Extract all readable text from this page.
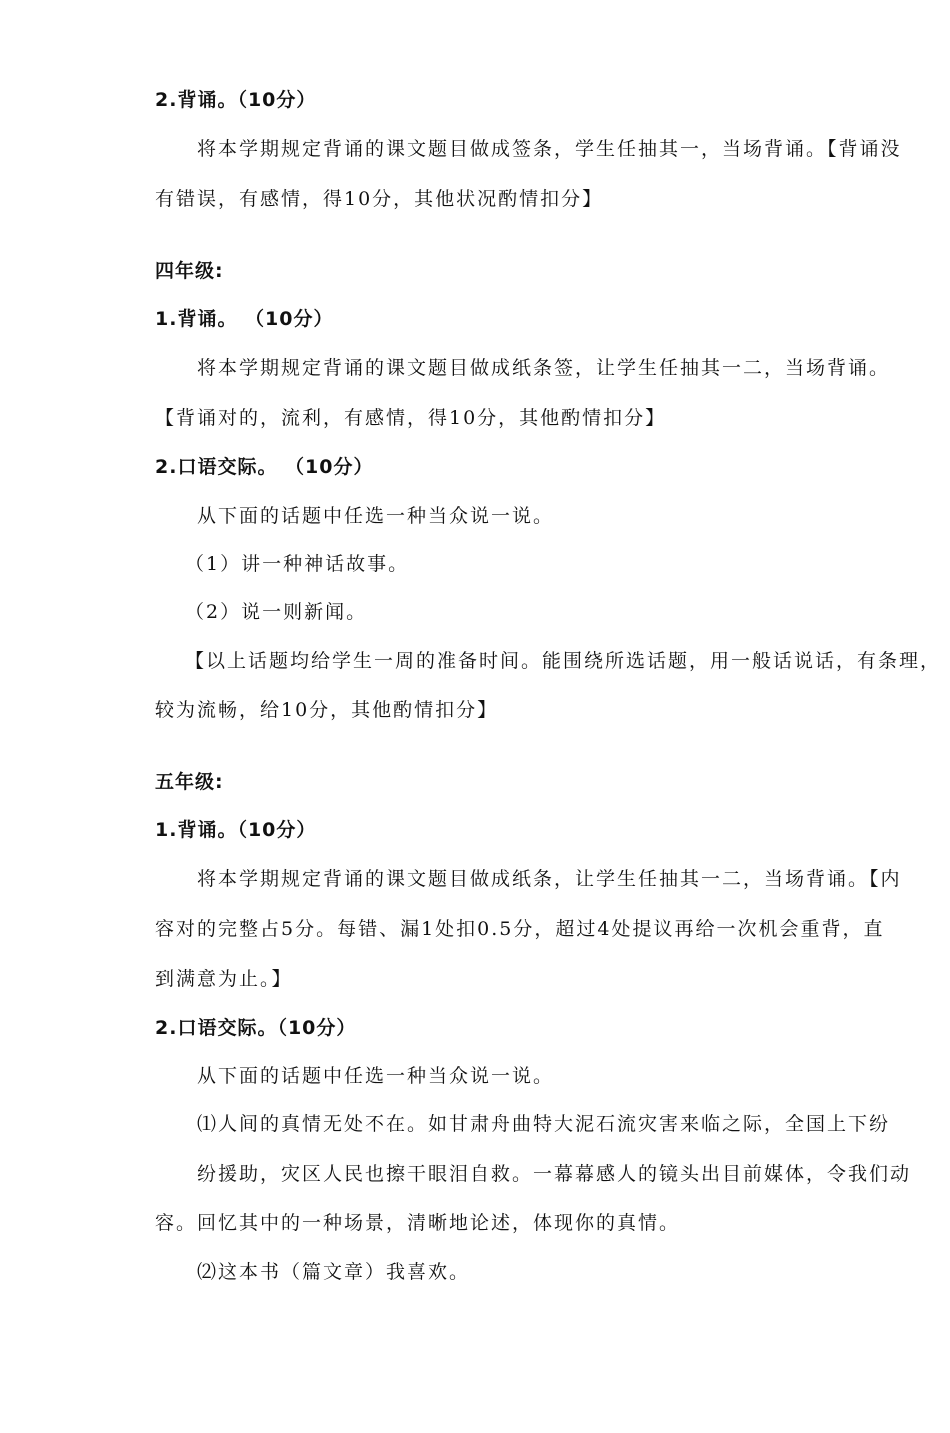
2.背诵。（10分）
将本学期规定背诵的课文题目做成签条，学生任抽其一，当场背诵。【背诵没
有错误，有感情，得10分，其他状况酌情扣分】
四年级:
1.背诵。 （10分）
将本学期规定背诵的课文题目做成纸条签，让学生任抽其一二，当场背诵。
【背诵对的，流利，有感情，得10分，其他酌情扣分】
2.口语交际。 （10分）
从下面的话题中任选一种当众说一说。
（1）讲一种神话故事。
（2）说一则新闻。
【以上话题均给学生一周的准备时间。能围绕所选话题，用一般话说话，有条理，
较为流畅，给10分，其他酌情扣分】
五年级:
1.背诵。（10分）
将本学期规定背诵的课文题目做成纸条，让学生任抽其一二，当场背诵。【内
容对的完整占5分。每错、漏1处扣0.5分，超过4处提议再给一次机会重背，直
到满意为止。】
2.口语交际。（10分）
从下面的话题中任选一种当众说一说。
⑴人间的真情无处不在。如甘肃舟曲特大泥石流灾害来临之际，全国上下纷
纷援助，灾区人民也擦干眼泪自救。一幕幕感人的镜头出目前媒体，令我们动
容。回忆其中的一种场景，清晰地论述，体现你的真情。
⑵这本书（篇文章）我喜欢。
